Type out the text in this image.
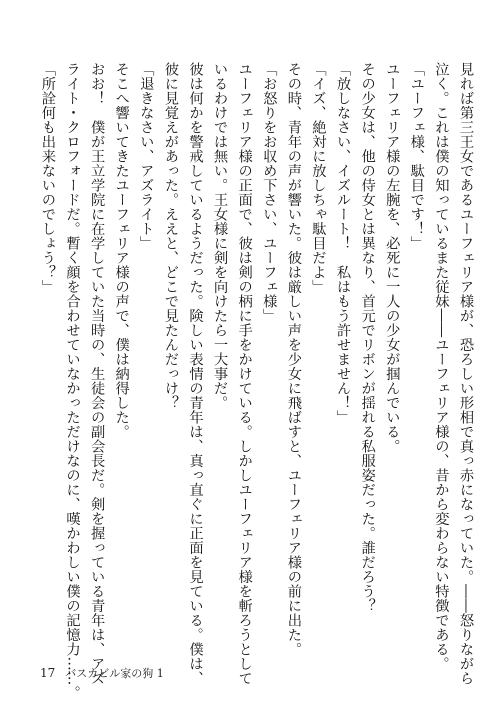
見れば第三王女であるユーフェリア様が、恐ろしい形相で真っ赤になっていた。――怒りながら

泣く。これは僕の知っているまた従妹――ユーフェリア様の、昔から変わらない特徴である。

「ユーフェ様、駄目です！」

ユーフェリア様の左腕を、必死に一人の少女が掴んでいる。

その少女は、他の侍女とは異なり、首元でリボンが揺れる私服姿だった。誰だろう？

「放しなさい、イズルート！　私はもう許せません！」

「イズ、絶対に放しちゃ駄目だよ」

その時、青年の声が響いた。彼は厳しい声を少女に飛ばすと、ユーフェリア様の前に出た。

「お怒りをお収め下さい、ユーフェ様」

ユーフェリア様の正面で、彼は剣の柄に手をかけている。しかしユーフェリア様を斬ろうとして

いるわけでは無い。王女様に剣を向けたら一大事だ。

彼は何かを警戒しているようだった。険しい表情の青年は、真っ直ぐに正面を見ている。僕は、

彼に見覚えがあった。ええと、どこで見たんだっけ？

「退きなさい、アズライト」

そこへ響いてきたユーフェリア様の声で、僕は納得した。

おお！　僕が王立学院に在学していた当時の、生徒会の副会長だ。剣を握っている青年は、アズ

ライト・クロフォードだ。暫く顔を合わせていなかっただけなのに、嘆かわしい僕の記憶力……。

「所詮何も出来ないのでしょう？」

17 バスカビル家の狗 1
